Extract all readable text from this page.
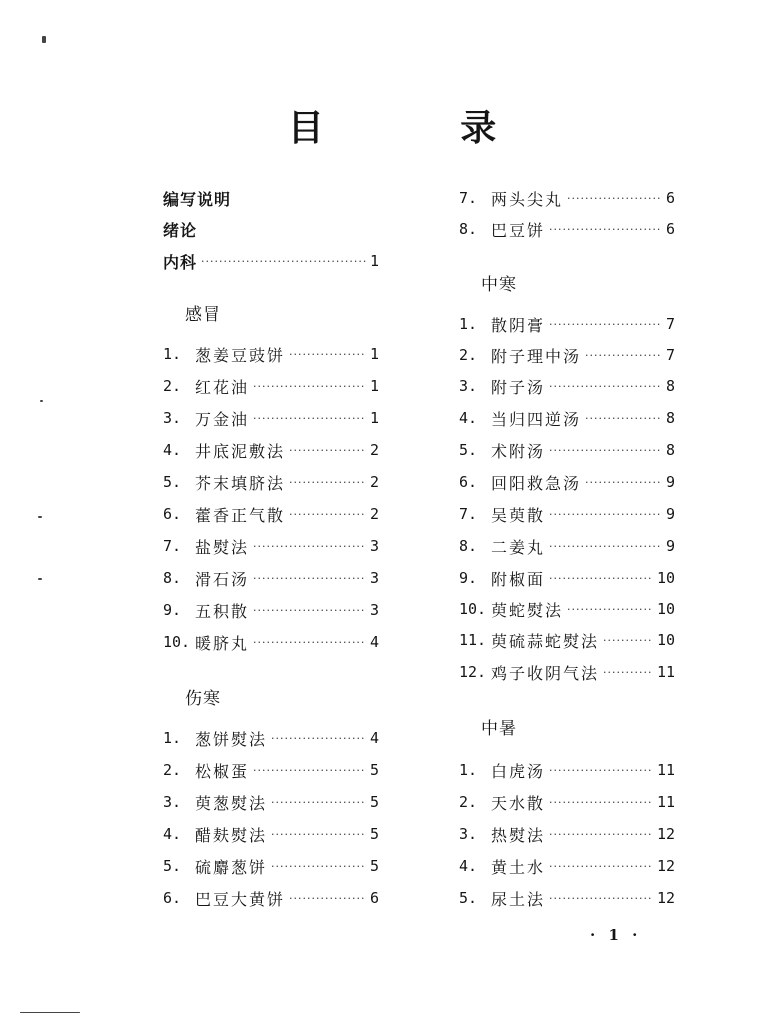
目 录
编写说明
绪论
内科 ·····	1
感冒
1. 葱姜豆豉饼 ·····	1
2. 红花油 ·····	1
3. 万金油 ·····	1
4. 井底泥敷法 ·····	2
5. 芥末填脐法 ·····	2
6. 藿香正气散 ·····	2
7. 盐熨法 ·····	3
8. 滑石汤 ·····	3
9. 五积散 ·····	3
10. 暖脐丸 ·····	4
伤寒
1. 葱饼熨法 ·····	4
2. 松椒蛋 ·····	5
3. 萸葱熨法 ·····	5
4. 醋麸熨法 ·····	5
5. 硫麝葱饼 ·····	5
6. 巴豆大黄饼 ·····	6
7. 两头尖丸 ·····	6
8. 巴豆饼 ·····	6
中寒
1. 散阴膏 ·····	7
2. 附子理中汤 ·····	7
3. 附子汤 ·····	8
4. 当归四逆汤 ·····	8
5. 术附汤 ·····	8
6. 回阳救急汤 ·····	9
7. 吴萸散 ·····	9
8. 二姜丸 ·····	9
9. 附椒面 ·····	10
10. 萸蛇熨法 ·····	10
11. 萸硫蒜蛇熨法 ·····	10
12. 鸡子收阴气法 ·····	11
中暑
1. 白虎汤 ·····	11
2. 天水散 ·····	11
3. 热熨法 ·····	12
4. 黄土水 ·····	12
5. 尿土法 ·····	12
· 1 ·
